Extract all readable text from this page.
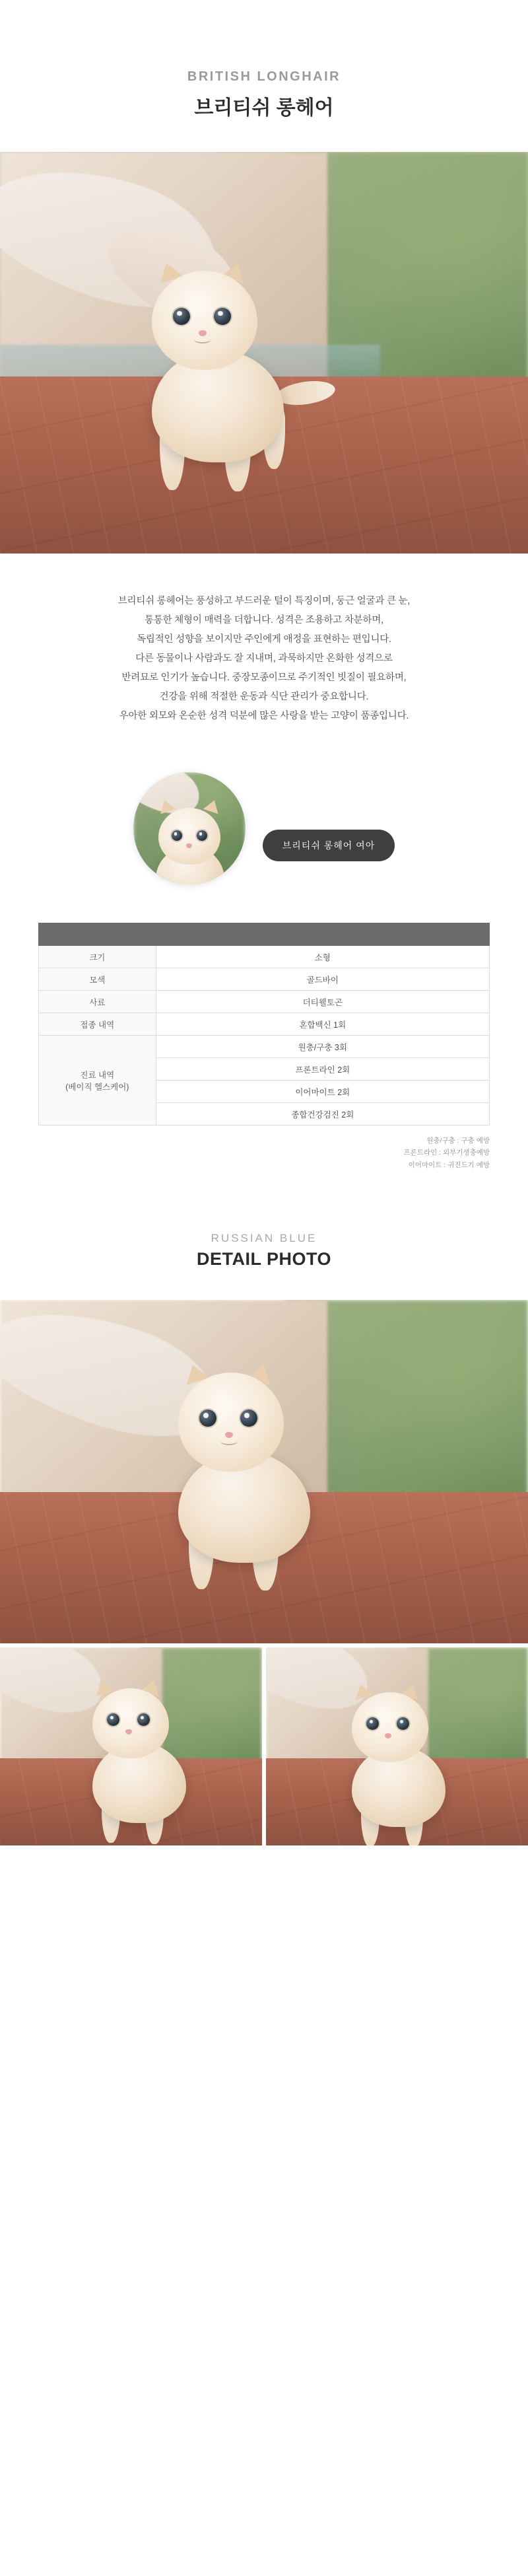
BRITISH LONGHAIR
브리티쉬 롱헤어

브리티쉬 롱헤어는 풍성하고 부드러운 털이 특징이며, 둥근 얼굴과 큰 눈,

통통한 체형이 매력을 더합니다. 성격은 조용하고 차분하며,

독립적인 성향을 보이지만 주인에게 애정을 표현하는 편입니다.

다른 동물이나 사람과도 잘 지내며, 과묵하지만 온화한 성격으로

반려묘로 인기가 높습니다. 중장모종이므로 주기적인 빗질이 필요하며,

건강을 위해 적절한 운동과 식단 관리가 중요합니다.

우아한 외모와 온순한 성격 덕분에 많은 사랑을 받는 고양이 품종입니다.

브리티쉬 롱헤어 여아

크기	소형
모색	골드바이
사료	더티웰토곤
접종 내역	혼합백신 1회

진료 내역
(베이직 헬스케어)	원충/구충 3회
	프론트라인 2회
	이어마이트 2회
	종합건강검진 2회
원충/구충 : 구충 예방
프론트라인 : 외부기생충예방
이어마이트 : 귀진드기 예방
RUSSIAN BLUE
DETAIL PHOTO
